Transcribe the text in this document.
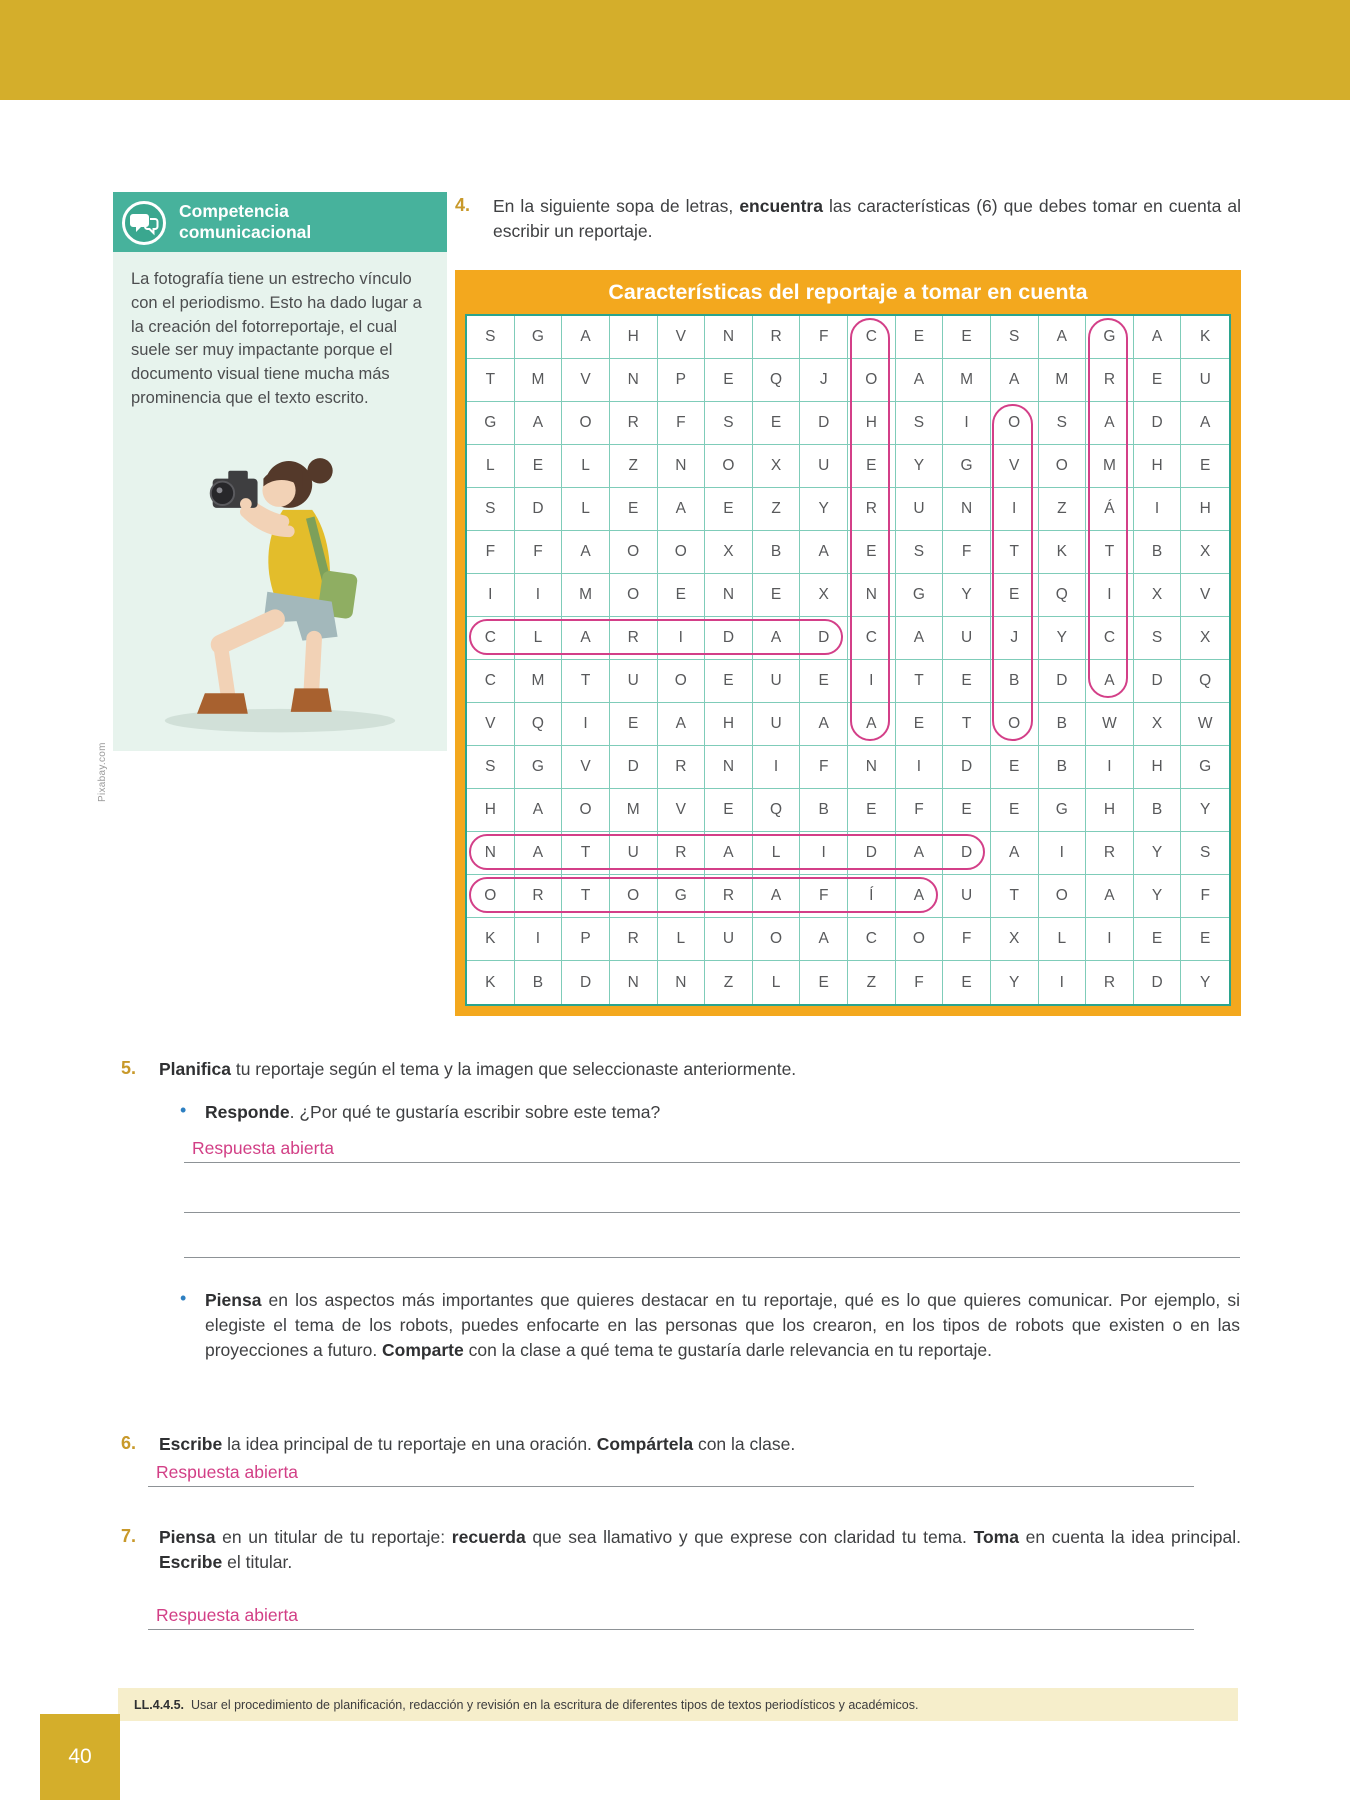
Competencia
comunicacional
La fotografía tiene un estrecho vínculo con el periodismo. Esto ha dado lugar a la creación del fotorreportaje, el cual suele ser muy impactante porque el documento visual tiene mucha más prominencia que el texto escrito.
Pixabay.com
4. En la siguiente sopa de letras, encuentra las características (6) que debes tomar en cuenta al escribir un reportaje.

Características del reportaje a tomar en cuenta
S	G	A	H	V	N	R	F	C	E	E	S	A	G	A	K
T	M	V	N	P	E	Q	J	O	A	M	A	M	R	E	U
G	A	O	R	F	S	E	D	H	S	I	O	S	A	D	A
L	E	L	Z	N	O	X	U	E	Y	G	V	O	M	H	E
S	D	L	E	A	E	Z	Y	R	U	N	I	Z	Á	I	H
F	F	A	O	O	X	B	A	E	S	F	T	K	T	B	X
I	I	M	O	E	N	E	X	N	G	Y	E	Q	I	X	V
C	L	A	R	I	D	A	D	C	A	U	J	Y	C	S	X
C	M	T	U	O	E	U	E	I	T	E	B	D	A	D	Q
V	Q	I	E	A	H	U	A	A	E	T	O	B	W	X	W
S	G	V	D	R	N	I	F	N	I	D	E	B	I	H	G
H	A	O	M	V	E	Q	B	E	F	E	E	G	H	B	Y
N	A	T	U	R	A	L	I	D	A	D	A	I	R	Y	S
O	R	T	O	G	R	A	F	Í	A	U	T	O	A	Y	F
K	I	P	R	L	U	O	A	C	O	F	X	L	I	E	E
K	B	D	N	N	Z	L	E	Z	F	E	Y	I	R	D	Y
5. Planifica tu reportaje según el tema y la imagen que seleccionaste anteriormente.

• Responde. ¿Por qué te gustaría escribir sobre este tema?

Respuesta abierta
• Piensa en los aspectos más importantes que quieres destacar en tu reportaje, qué es lo que quieres comunicar. Por ejemplo, si elegiste el tema de los robots, puedes enfocarte en las personas que los crearon, en los tipos de robots que existen o en las proyecciones a futuro. Comparte con la clase a qué tema te gustaría darle relevancia en tu reportaje.

6. Escribe la idea principal de tu reportaje en una oración. Compártela con la clase.

Respuesta abierta
7. Piensa en un titular de tu reportaje: recuerda que sea llamativo y que exprese con claridad tu tema. Toma en cuenta la idea principal. Escribe el titular.

Respuesta abierta
LL.4.4.5. Usar el procedimiento de planificación, redacción y revisión en la escritura de diferentes tipos de textos periodísticos y académicos.
40
